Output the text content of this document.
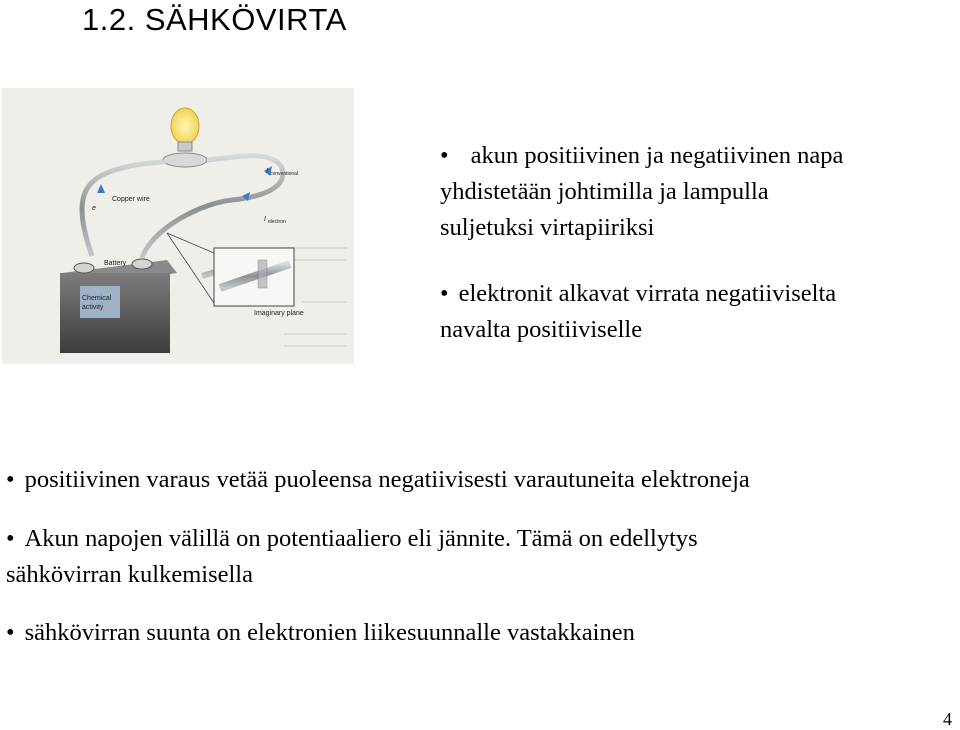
1.2. SÄHKÖVIRTA
Copper wire
Battery
Chemical
activity
Imaginary plane
I conventional
I electron
e
• akun positiivinen ja negatiivinen napa
yhdistetään johtimilla ja lampulla
suljetuksi virtapiiriksi
• elektronit alkavat virrata negatiiviselta
navalta positiiviselle
• positiivinen varaus vetää puoleensa negatiivisesti varautuneita elektroneja
• Akun napojen välillä on potentiaaliero eli jännite. Tämä on edellytys
sähkövirran kulkemisella
• sähkövirran suunta on elektronien liikesuunnalle vastakkainen
4
